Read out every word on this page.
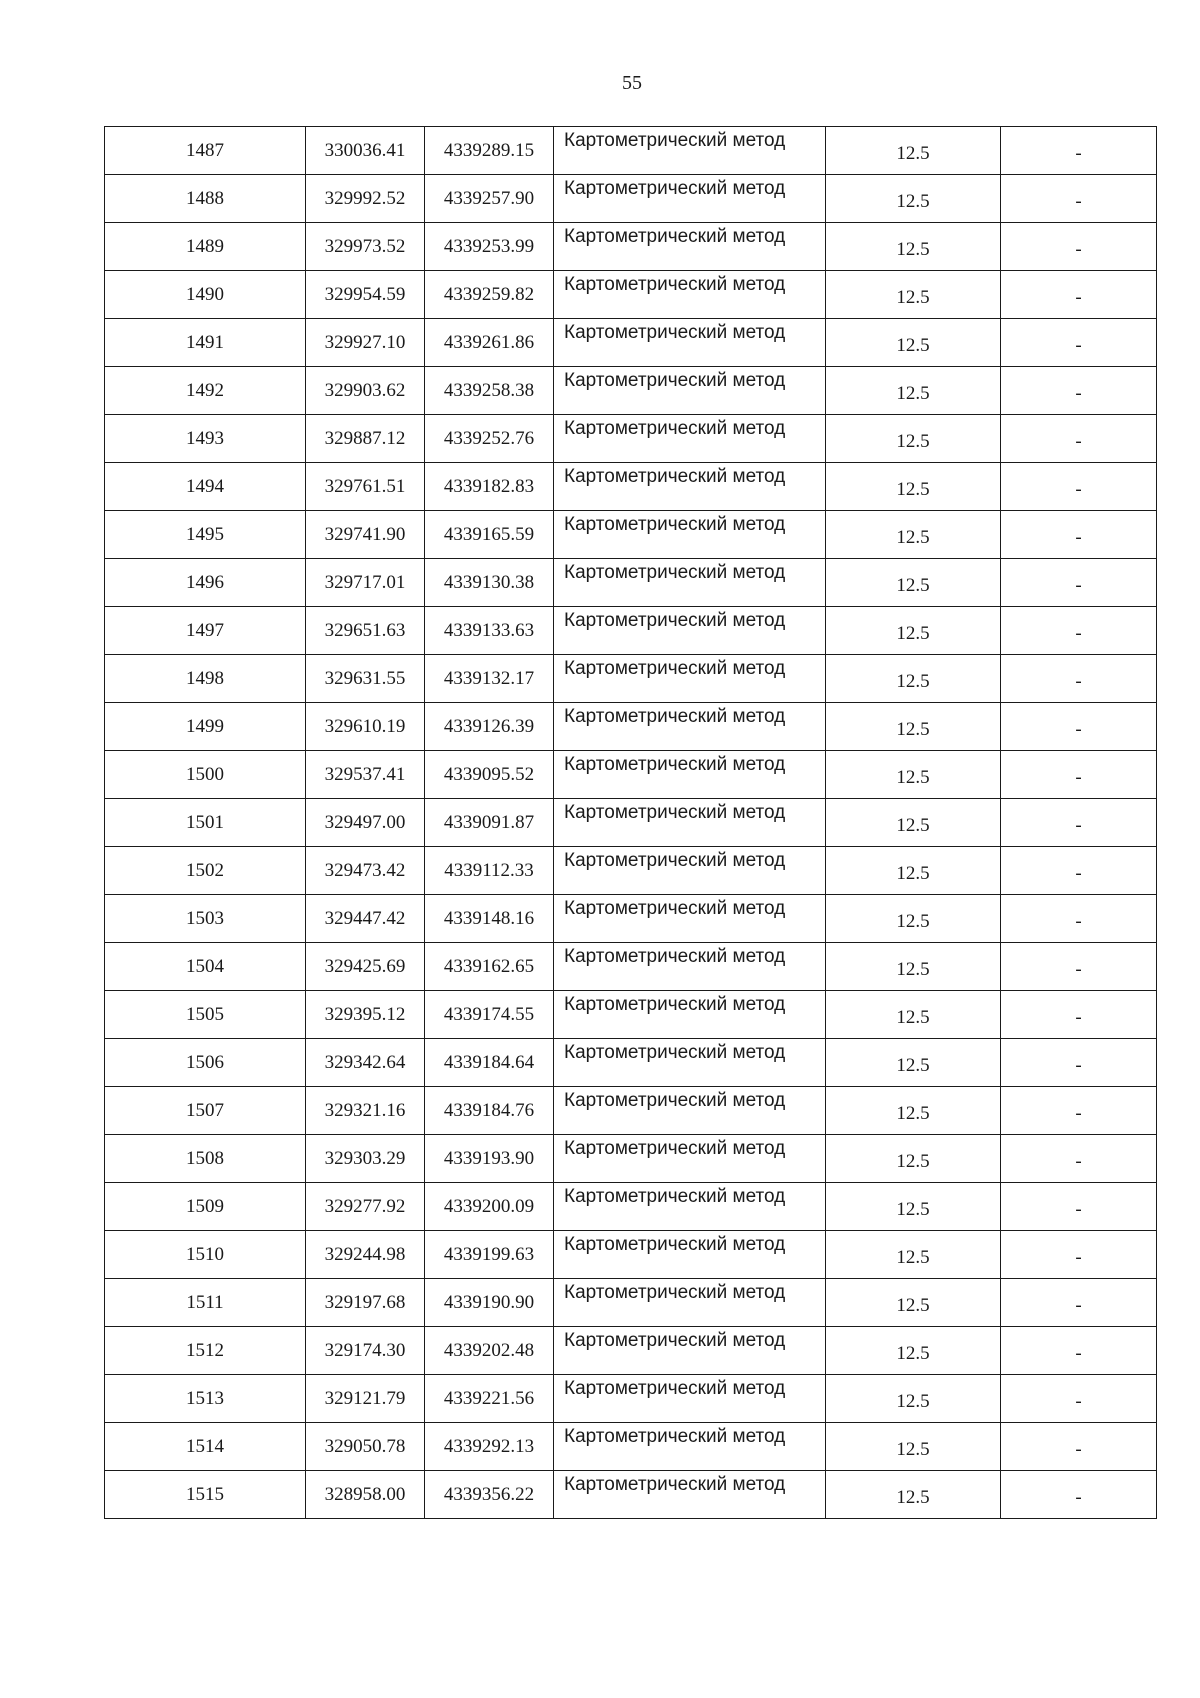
55
1487	330036.41	4339289.15	Картометрический метод	12.5	-
1488	329992.52	4339257.90	Картометрический метод	12.5	-
1489	329973.52	4339253.99	Картометрический метод	12.5	-
1490	329954.59	4339259.82	Картометрический метод	12.5	-
1491	329927.10	4339261.86	Картометрический метод	12.5	-
1492	329903.62	4339258.38	Картометрический метод	12.5	-
1493	329887.12	4339252.76	Картометрический метод	12.5	-
1494	329761.51	4339182.83	Картометрический метод	12.5	-
1495	329741.90	4339165.59	Картометрический метод	12.5	-
1496	329717.01	4339130.38	Картометрический метод	12.5	-
1497	329651.63	4339133.63	Картометрический метод	12.5	-
1498	329631.55	4339132.17	Картометрический метод	12.5	-
1499	329610.19	4339126.39	Картометрический метод	12.5	-
1500	329537.41	4339095.52	Картометрический метод	12.5	-
1501	329497.00	4339091.87	Картометрический метод	12.5	-
1502	329473.42	4339112.33	Картометрический метод	12.5	-
1503	329447.42	4339148.16	Картометрический метод	12.5	-
1504	329425.69	4339162.65	Картометрический метод	12.5	-
1505	329395.12	4339174.55	Картометрический метод	12.5	-
1506	329342.64	4339184.64	Картометрический метод	12.5	-
1507	329321.16	4339184.76	Картометрический метод	12.5	-
1508	329303.29	4339193.90	Картометрический метод	12.5	-
1509	329277.92	4339200.09	Картометрический метод	12.5	-
1510	329244.98	4339199.63	Картометрический метод	12.5	-
1511	329197.68	4339190.90	Картометрический метод	12.5	-
1512	329174.30	4339202.48	Картометрический метод	12.5	-
1513	329121.79	4339221.56	Картометрический метод	12.5	-
1514	329050.78	4339292.13	Картометрический метод	12.5	-
1515	328958.00	4339356.22	Картометрический метод	12.5	-
